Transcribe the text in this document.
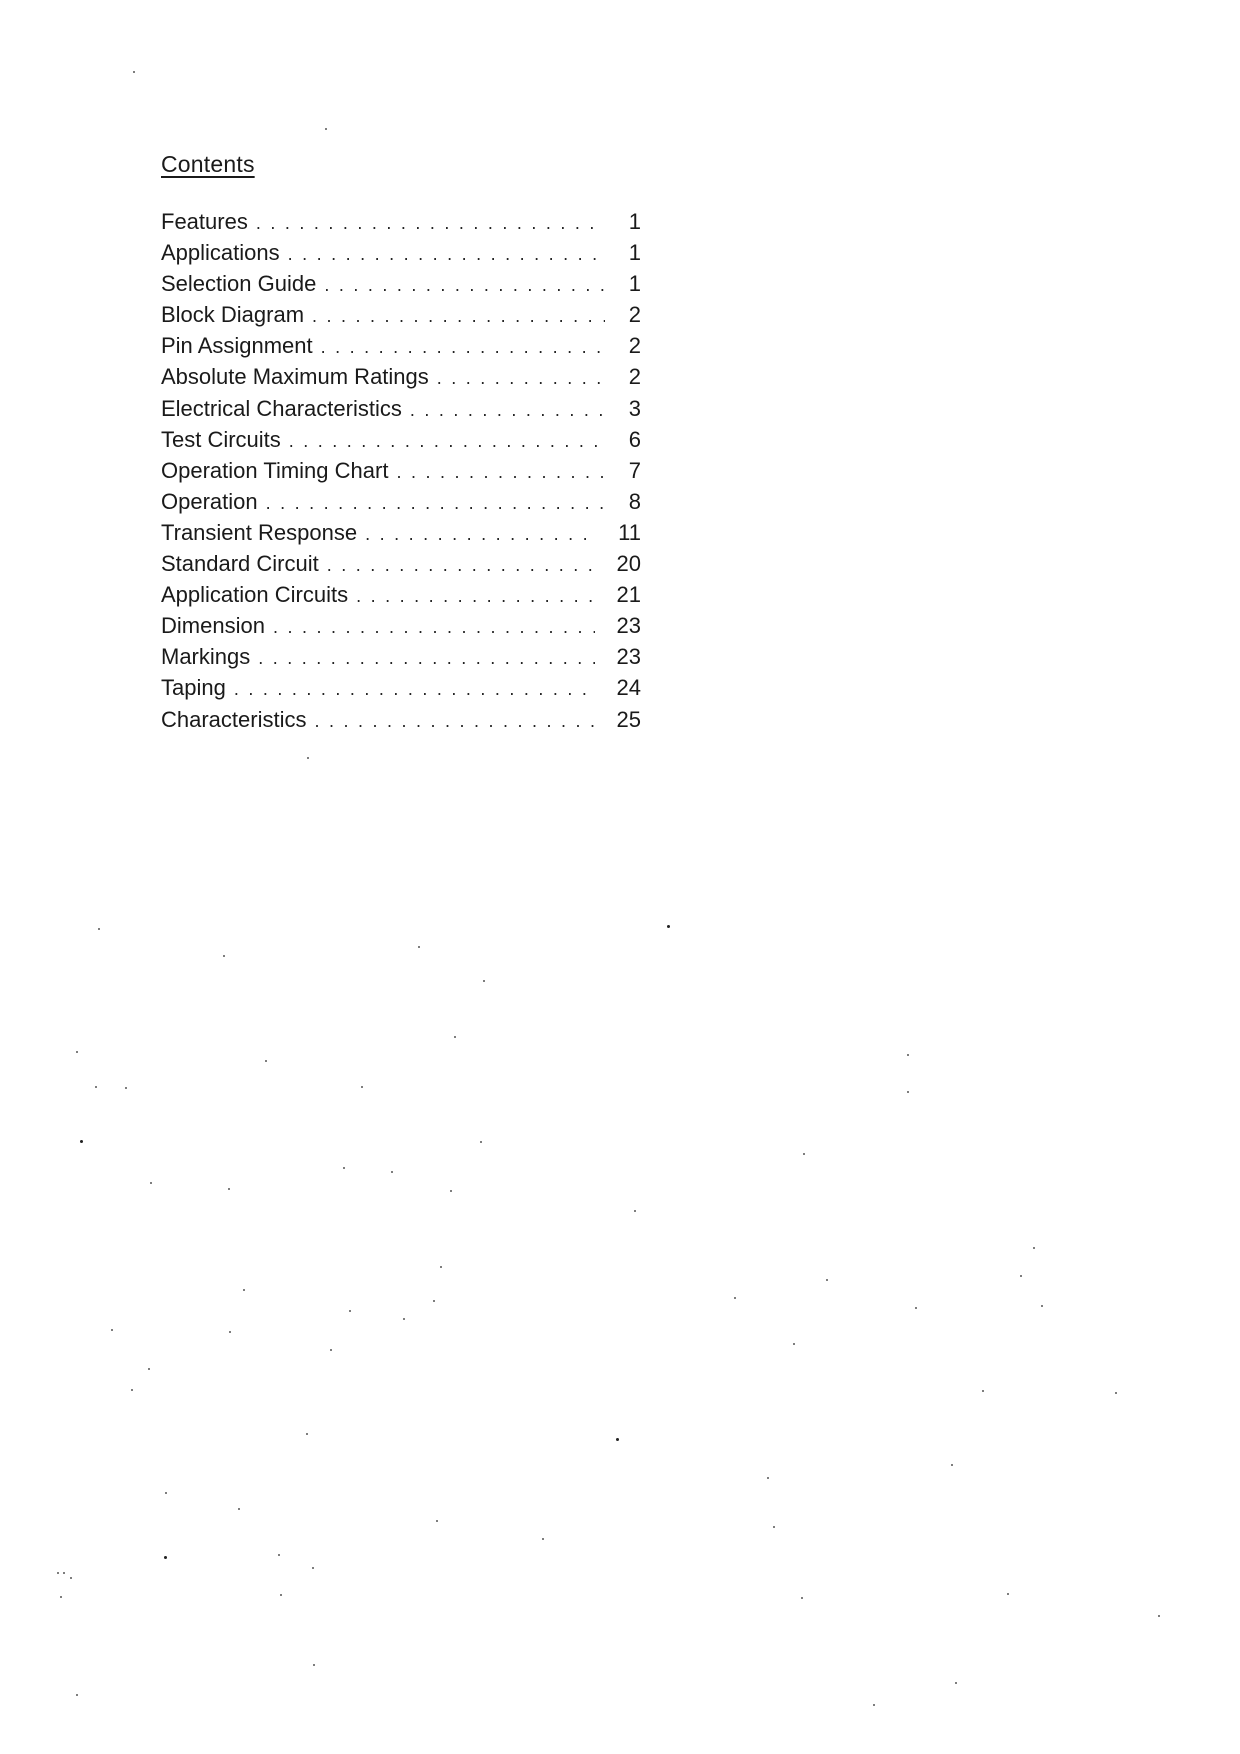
Contents
Features . . .	1
Applications . . .	1
Selection Guide . . .	1
Block Diagram . . .	2
Pin Assignment . . .	2
Absolute Maximum Ratings . . .	2
Electrical Characteristics . . .	3
Test Circuits . . .	6
Operation Timing Chart . . .	7
Operation . . .	8
Transient Response . . .	11
Standard Circuit . . .	20
Application Circuits . . .	21
Dimension . . .	23
Markings . . .	23
Taping . . .	24
Characteristics . . .	25
